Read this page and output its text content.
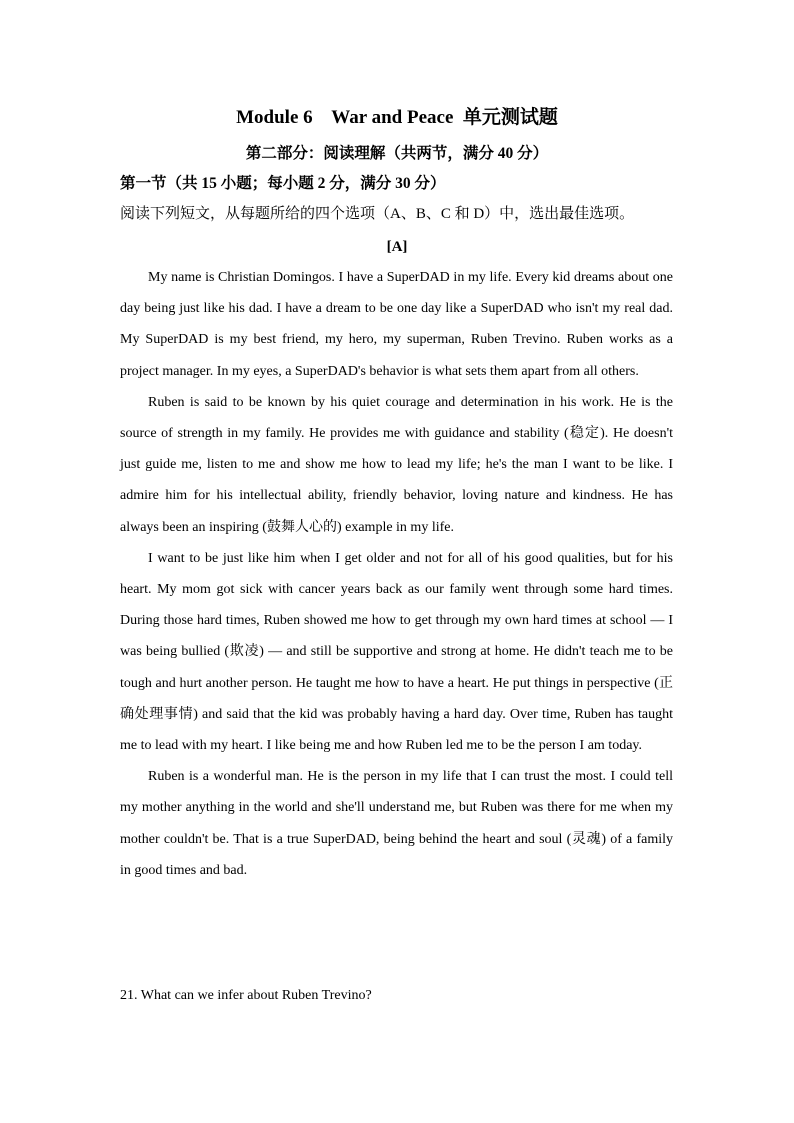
Module 6    War and Peace  单元测试题
第二部分：阅读理解（共两节，满分 40 分）
第一节（共 15 小题；每小题 2 分，满分 30 分）
阅读下列短文，从每题所给的四个选项（A、B、C 和 D）中，选出最佳选项。
[A]

My name is Christian Domingos. I have a SuperDAD in my life. Every kid dreams about one day being just like his dad. I have a dream to be one day like a SuperDAD who isn't my real dad. My SuperDAD is my best friend, my hero, my superman, Ruben Trevino. Ruben works as a project manager. In my eyes, a SuperDAD's behavior is what sets them apart from all others.

Ruben is said to be known by his quiet courage and determination in his work. He is the source of strength in my family. He provides me with guidance and stability (稳定). He doesn't just guide me, listen to me and show me how to lead my life; he's the man I want to be like. I admire him for his intellectual ability, friendly behavior, loving nature and kindness. He has always been an inspiring (鼓舞人心的) example in my life.

I want to be just like him when I get older and not for all of his good qualities, but for his heart. My mom got sick with cancer years back as our family went through some hard times. During those hard times, Ruben showed me how to get through my own hard times at school — I was being bullied (欺凌) — and still be supportive and strong at home. He didn't teach me to be tough and hurt another person. He taught me how to have a heart. He put things in perspective (正确处理事情) and said that the kid was probably having a hard day. Over time, Ruben has taught me to lead with my heart. I like being me and how Ruben led me to be the person I am today.

Ruben is a wonderful man. He is the person in my life that I can trust the most. I could tell my mother anything in the world and she'll understand me, but Ruben was there for me when my mother couldn't be. That is a true SuperDAD, being behind the heart and soul (灵魂) of a family in good times and bad.

21. What can we infer about Ruben Trevino?
